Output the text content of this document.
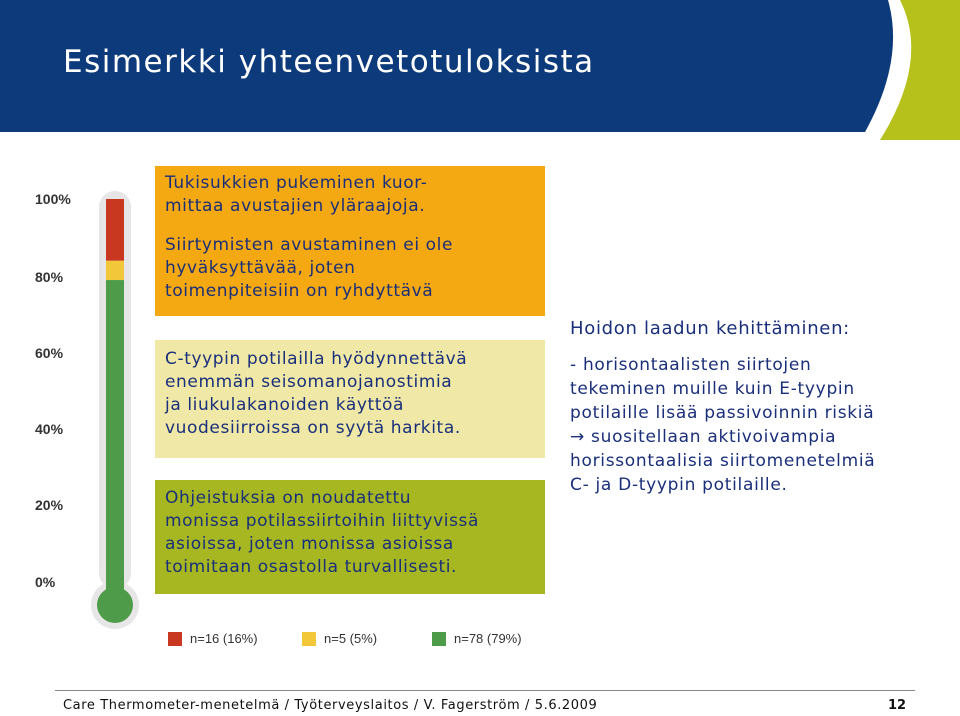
Esimerkki yhteenvetotuloksista
100%
80%
60%
40%
20%
0%
Tukisukkien pukeminen kuor-
mittaa avustajien yläraajoja.
Siirtymisten avustaminen ei ole
hyväksyttävää, joten
toimenpiteisiin on ryhdyttävä
C-tyypin potilailla hyödynnettävä
enemmän seisomanojanostimia
ja liukulakanoiden käyttöä
vuodesiirroissa on syytä harkita.
Ohjeistuksia on noudatettu
monissa potilassiirtoihin liittyvissä
asioissa, joten monissa asioissa
toimitaan osastolla turvallisesti.
Hoidon laadun kehittäminen:
- horisontaalisten siirtojen
tekeminen muille kuin E-tyypin
potilaille lisää passivoinnin riskiä
→ suositellaan aktivoivampia
horissontaalisia siirtomenetelmiä
C- ja D-tyypin potilaille.
n=16 (16%)	n=5 (5%)	n=78 (79%)
Care Thermometer-menetelmä / Työterveyslaitos / V. Fagerström / 5.6.2009	12
